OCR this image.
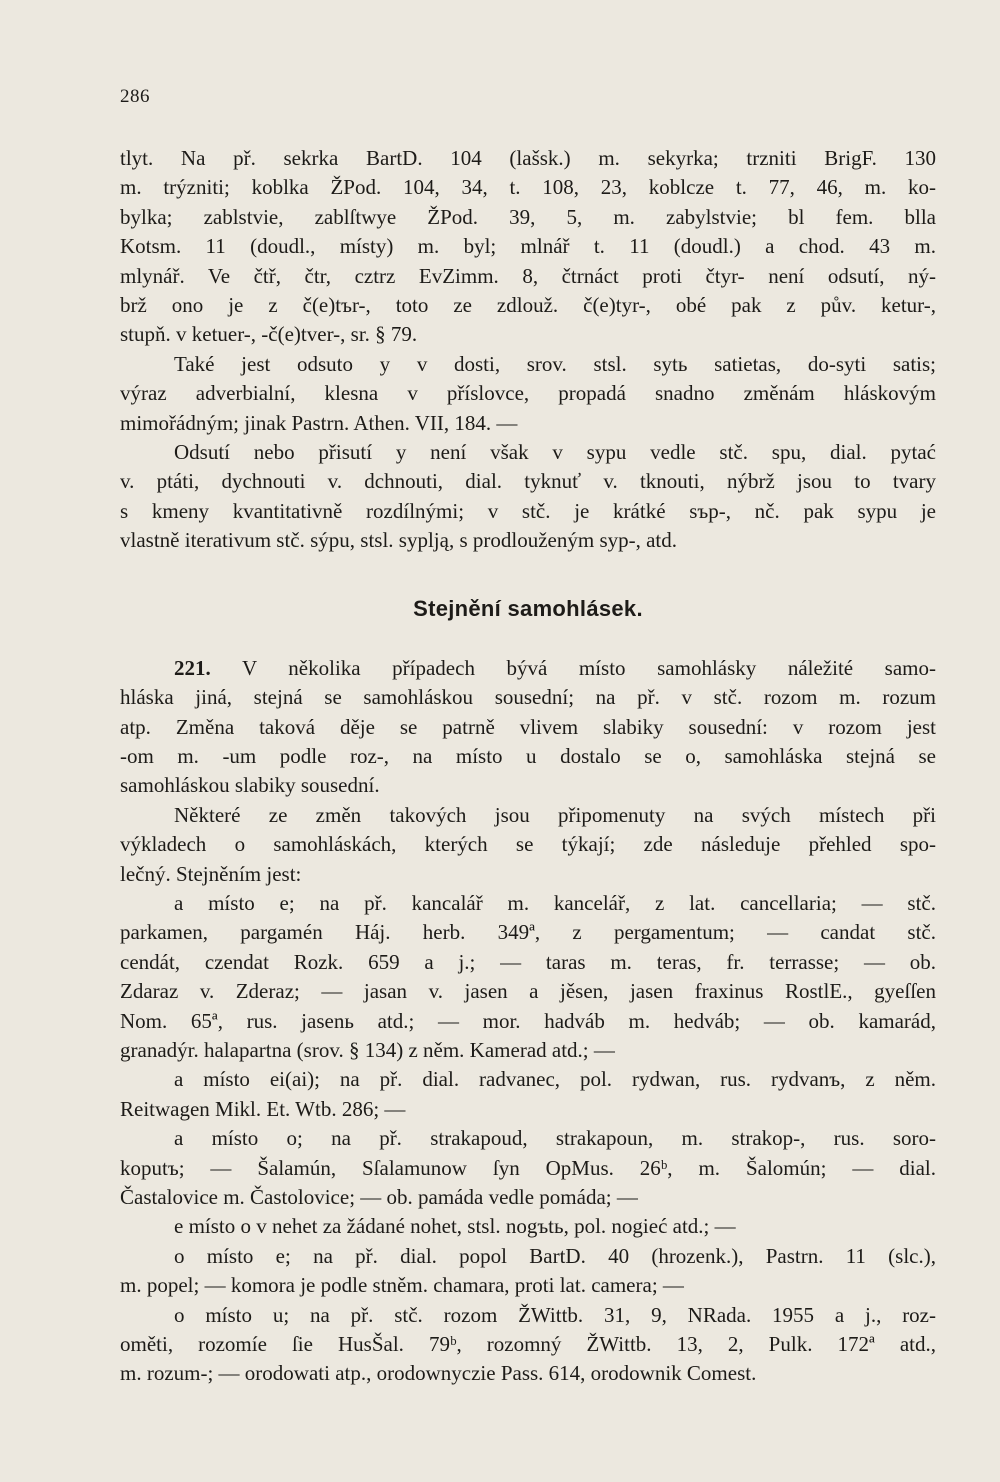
286
tlyt. Na př. sekrka BartD. 104 (lašsk.) m. sekyrka; trzniti BrigF. 130
m. trýzniti; koblka ŽPod. 104, 34, t. 108, 23, koblcze t. 77, 46, m. ko-
bylka; zablstvie, zablſtwye ŽPod. 39, 5, m. zabylstvie; bl fem. blla
Kotsm. 11 (doudl., místy) m. byl; mlnář t. 11 (doudl.) a chod. 43 m.
mlynář. Ve čtř, čtr, cztrz EvZimm. 8, čtrnáct proti čtyr- není odsutí, ný-
brž ono je z č(e)tъr-, toto ze zdlouž. č(e)tyr-, obé pak z pův. ketur-,
stupň. v ketuer-, -č(e)tver-, sr. § 79.
Také jest odsuto y v dosti, srov. stsl. sytь satietas, do-syti satis;
výraz adverbialní, klesna v příslovce, propadá snadno změnám hláskovým
mimořádným; jinak Pastrn. Athen. VII, 184. —
Odsutí nebo přisutí y není však v sypu vedle stč. spu, dial. pytać
v. ptáti, dychnouti v. dchnouti, dial. tyknuť v. tknouti, nýbrž jsou to tvary
s kmeny kvantitativně rozdílnými; v stč. je krátké sъp-, nč. pak sypu je
vlastně iterativum stč. sýpu, stsl. syplją, s prodlouženým syp-, atd.
Stejnění samohlásek.
221. V několika případech bývá místo samohlásky náležité samo-
hláska jiná, stejná se samohláskou sousední; na př. v stč. rozom m. rozum
atp. Změna taková děje se patrně vlivem slabiky sousední: v rozom jest
-om m. -um podle roz-, na místo u dostalo se o, samohláska stejná se
samohláskou slabiky sousední.
Některé ze změn takových jsou připomenuty na svých místech při
výkladech o samohláskách, kterých se týkají; zde následuje přehled spo-
lečný. Stejněním jest:
a místo e; na př. kancalář m. kancelář, z lat. cancellaria; — stč.
parkamen, pargamén Háj. herb. 349ª, z pergamentum; — candat stč.
cendát, czendat Rozk. 659 a j.; — taras m. teras, fr. terrasse; — ob.
Zdaraz v. Zderaz; — jasan v. jasen a jěsen, jasen fraxinus RostlE., gyeſſen
Nom. 65ª, rus. jasenь atd.; — mor. hadváb m. hedváb; — ob. kamarád,
granadýr. halapartna (srov. § 134) z něm. Kamerad atd.; —
a místo ei(ai); na př. dial. radvanec, pol. rydwan, rus. rydvanъ, z něm.
Reitwagen Mikl. Et. Wtb. 286; —
a místo o; na př. strakapoud, strakapoun, m. strakop-, rus. soro-
koputъ; — Šalamún, Sſalamunow ſyn OpMus. 26ᵇ, m. Šalomún; — dial.
Častalovice m. Častolovice; — ob. pamáda vedle pomáda; —
e místo o v nehet za žádané nohet, stsl. nogъtь, pol. nogieć atd.; —
o místo e; na př. dial. popol BartD. 40 (hrozenk.), Pastrn. 11 (slc.),
m. popel; — komora je podle stněm. chamara, proti lat. camera; —
o místo u; na př. stč. rozom ŽWittb. 31, 9, NRada. 1955 a j., roz-
oměti, rozomíe ſie HusŠal. 79ᵇ, rozomný ŽWittb. 13, 2, Pulk. 172ª atd.,
m. rozum-; — orodowati atp., orodownyczie Pass. 614, orodownik Comest.
